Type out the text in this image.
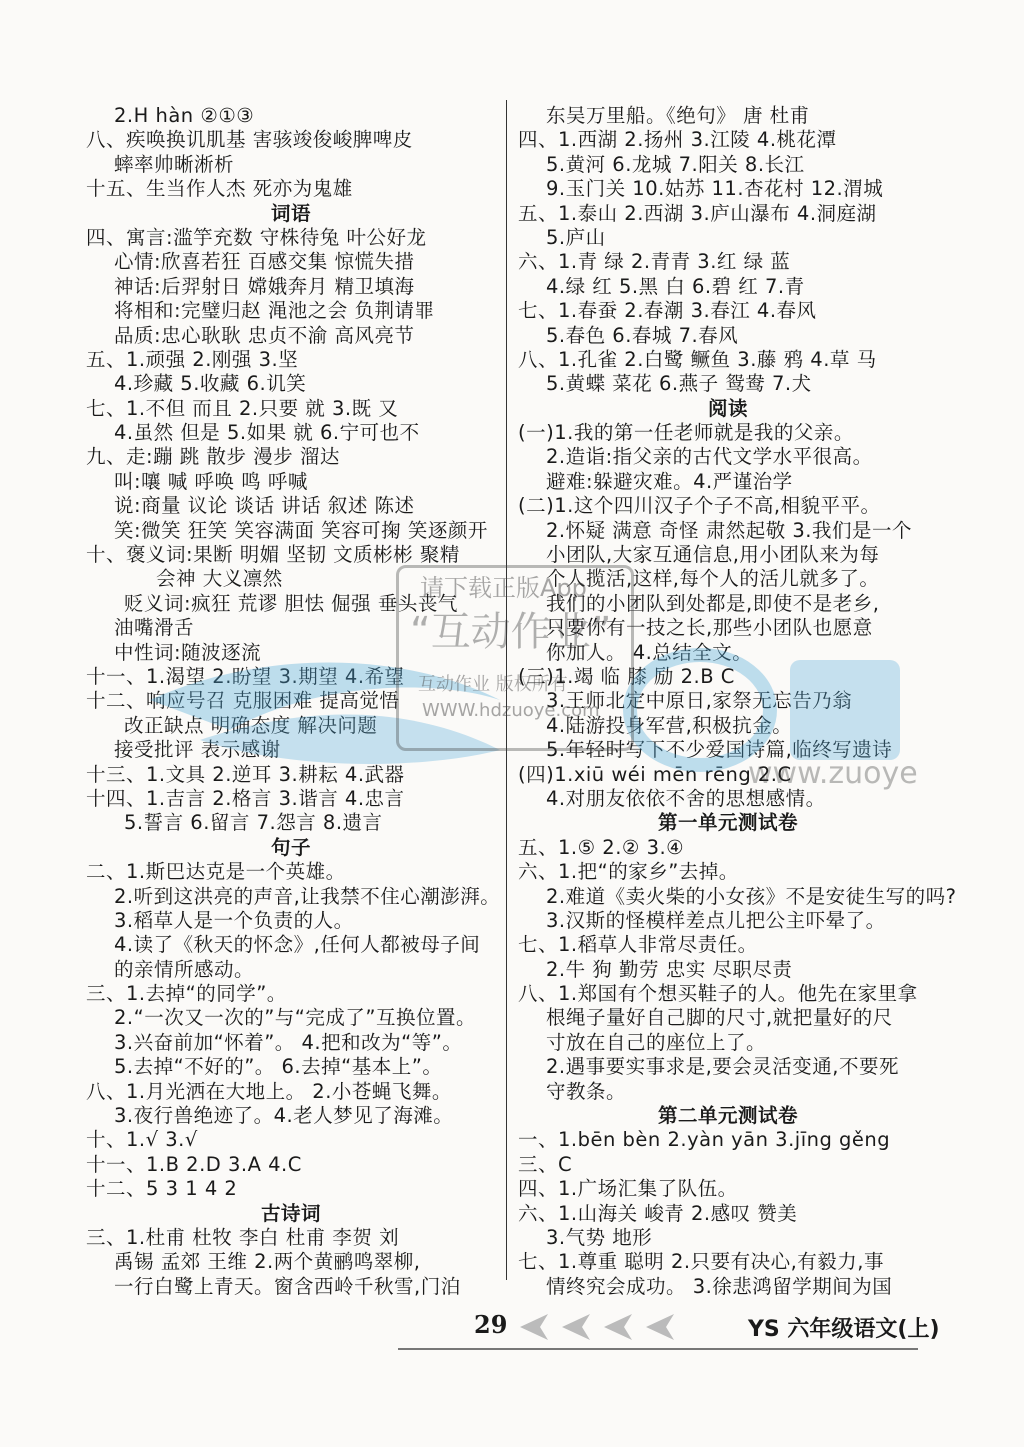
2.H hàn ②①③
八、疾唤换讥肌基 害骇竣俊峻脾啤皮
蟀率帅晰淅析
十五、生当作人杰 死亦为鬼雄
词语
四、寓言:滥竽充数 守株待兔 叶公好龙
心情:欣喜若狂 百感交集 惊慌失措
神话:后羿射日 嫦娥奔月 精卫填海
将相和:完璧归赵 渑池之会 负荆请罪
品质:忠心耿耿 忠贞不渝 高风亮节
五、1.顽强 2.刚强 3.坚
4.珍藏 5.收藏 6.讥笑
七、1.不但 而且 2.只要 就 3.既 又
4.虽然 但是 5.如果 就 6.宁可也不
九、走:蹦 跳 散步 漫步 溜达
叫:嚷 喊 呼唤 鸣 呼喊
说:商量 议论 谈话 讲话 叙述 陈述
笑:微笑 狂笑 笑容满面 笑容可掬 笑逐颜开
十、褒义词:果断 明媚 坚韧 文质彬彬 聚精
会神 大义凛然
贬义词:疯狂 荒谬 胆怯 倔强 垂头丧气
油嘴滑舌
中性词:随波逐流
十一、1.渴望 2.盼望 3.期望 4.希望
十二、响应号召 克服困难 提高觉悟
改正缺点 明确态度 解决问题
接受批评 表示感谢
十三、1.文具 2.逆耳 3.耕耘 4.武器
十四、1.吉言 2.格言 3.谐言 4.忠言
5.誓言 6.留言 7.怨言 8.遗言
句子
二、1.斯巴达克是一个英雄。
2.听到这洪亮的声音,让我禁不住心潮澎湃。
3.稻草人是一个负责的人。
4.读了《秋天的怀念》,任何人都被母子间
的亲情所感动。
三、1.去掉“的同学”。
2.“一次又一次的”与“完成了”互换位置。
3.兴奋前加“怀着”。 4.把和改为“等”。
5.去掉“不好的”。 6.去掉“基本上”。
八、1.月光洒在大地上。 2.小苍蝇飞舞。
3.夜行兽绝迹了。4.老人梦见了海滩。
十、1.√ 3.√
十一、1.B 2.D 3.A 4.C
十二、5 3 1 4 2
古诗词
三、1.杜甫 杜牧 李白 杜甫 李贺 刘
禹锡 孟郊 王维 2.两个黄鹂鸣翠柳,
一行白鹭上青天。窗含西岭千秋雪,门泊
东吴万里船。《绝句》 唐 杜甫
四、1.西湖 2.扬州 3.江陵 4.桃花潭
5.黄河 6.龙城 7.阳关 8.长江
9.玉门关 10.姑苏 11.杏花村 12.渭城
五、1.泰山 2.西湖 3.庐山瀑布 4.洞庭湖
5.庐山
六、1.青 绿 2.青青 3.红 绿 蓝
4.绿 红 5.黑 白 6.碧 红 7.青
七、1.春蚕 2.春潮 3.春江 4.春风
5.春色 6.春城 7.春风
八、1.孔雀 2.白鹭 鳜鱼 3.藤 鸦 4.草 马
5.黄蝶 菜花 6.燕子 鸳鸯 7.犬
阅读
(一)1.我的第一任老师就是我的父亲。
2.造诣:指父亲的古代文学水平很高。
避难:躲避灾难。4.严谨治学
(二)1.这个四川汉子个子不高,相貌平平。
2.怀疑 满意 奇怪 肃然起敬 3.我们是一个
小团队,大家互通信息,用小团队来为每
个人揽活,这样,每个人的活儿就多了。
我们的小团队到处都是,即使不是老乡,
只要你有一技之长,那些小团队也愿意
你加人。 4.总结全文。
(三)1.竭 临 膝 励 2.B C
3.王师北定中原日,家祭无忘告乃翁
4.陆游投身军营,积极抗金。
5.年轻时写下不少爱国诗篇,临终写遗诗
(四)1.xiū wéi mēn rēng 2.C
4.对朋友依依不舍的思想感情。
第一单元测试卷
五、1.⑤ 2.② 3.④
六、1.把“的家乡”去掉。
2.难道《卖火柴的小女孩》不是安徒生写的吗?
3.汉斯的怪模样差点儿把公主吓晕了。
七、1.稻草人非常尽责任。
2.牛 狗 勤劳 忠实 尽职尽责
八、1.郑国有个想买鞋子的人。他先在家里拿
根绳子量好自己脚的尺寸,就把量好的尺
寸放在自己的座位上了。
2.遇事要实事求是,要会灵活变通,不要死
守教条。
第二单元测试卷
一、1.bēn bèn 2.yàn yān 3.jīng gěng
三、C
四、1.广场汇集了队伍。
六、1.山海关 峻青 2.感叹 赞美
3.气势 地形
七、1.尊重 聪明 2.只要有决心,有毅力,事
情终究会成功。 3.徐悲鸿留学期间为国
请下载正版App
“互动作业”
互动作业 版权所有
WWW.hdzuoye.com
www.zuoye
29	YS 六年级语文(上)
